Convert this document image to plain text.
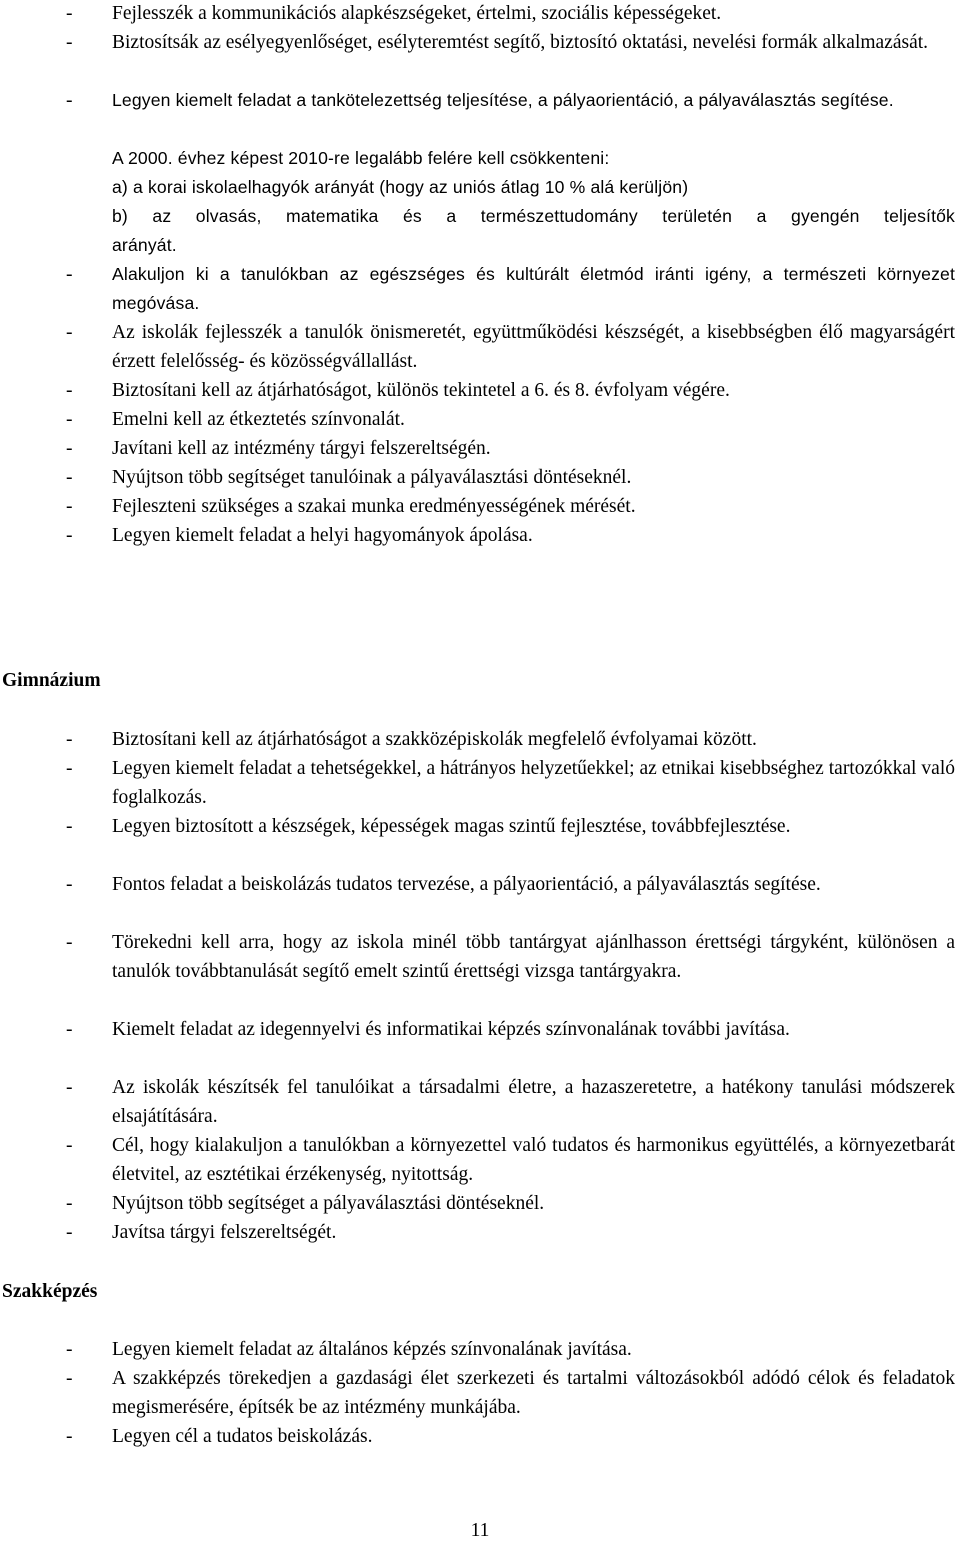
- Fejlesszék a kommunikációs alapkészségeket, értelmi, szociális képességeket.
- Biztosítsák az esélyegyenlőséget, esélyteremtést segítő, biztosító oktatási, nevelési formák alkalmazását.
- Legyen kiemelt feladat a tankötelezettség teljesítése, a pályaorientáció, a pályaválasztás segítése.
A 2000. évhez képest 2010-re legalább felére kell csökkenteni:
a) a korai iskolaelhagyók arányát (hogy az uniós átlag 10 % alá kerüljön)
b) az olvasás, matematika és a természettudomány területén a gyengén teljesítők
arányát.
- Alakuljon ki a tanulókban az egészséges és kultúrált életmód iránti igény, a természeti környezet megóvása.
- Az iskolák fejlesszék a tanulók önismeretét, együttműködési készségét, a kisebbségben élő magyarságért érzett felelősség- és közösségvállallást.
- Biztosítani kell az átjárhatóságot, különös tekintetel a 6. és 8. évfolyam végére.
- Emelni kell az étkeztetés színvonalát.
- Javítani kell az intézmény tárgyi felszereltségén.
- Nyújtson több segítséget tanulóinak a pályaválasztási döntéseknél.
- Fejleszteni szükséges a szakai munka eredményességének mérését.
- Legyen kiemelt feladat a helyi hagyományok ápolása.
Gimnázium
- Biztosítani kell az átjárhatóságot a szakközépiskolák megfelelő évfolyamai között.
- Legyen kiemelt feladat a tehetségekkel, a hátrányos helyzetűekkel; az etnikai kisebbséghez tartozókkal való foglalkozás.
- Legyen biztosított a készségek, képességek magas szintű fejlesztése, továbbfejlesztése.
- Fontos feladat a beiskolázás tudatos tervezése, a pályaorientáció, a pályaválasztás segítése.
- Törekedni kell arra, hogy az iskola minél több tantárgyat ajánlhasson érettségi tárgyként, különösen a tanulók továbbtanulását segítő emelt szintű érettségi vizsga tantárgyakra.
- Kiemelt feladat az idegennyelvi és informatikai képzés színvonalának további javítása.
- Az iskolák készítsék fel tanulóikat a társadalmi életre, a hazaszeretetre, a hatékony tanulási módszerek elsajátítására.
- Cél, hogy kialakuljon a tanulókban a környezettel való tudatos és harmonikus együttélés, a környezetbarát életvitel, az esztétikai érzékenység, nyitottság.
- Nyújtson több segítséget a pályaválasztási döntéseknél.
- Javítsa tárgyi felszereltségét.
Szakképzés
- Legyen kiemelt feladat az általános képzés színvonalának javítása.
- A szakképzés törekedjen a gazdasági élet szerkezeti és tartalmi változásokból adódó célok és feladatok megismerésére, építsék be az intézmény munkájába.
- Legyen cél a tudatos beiskolázás.
11
